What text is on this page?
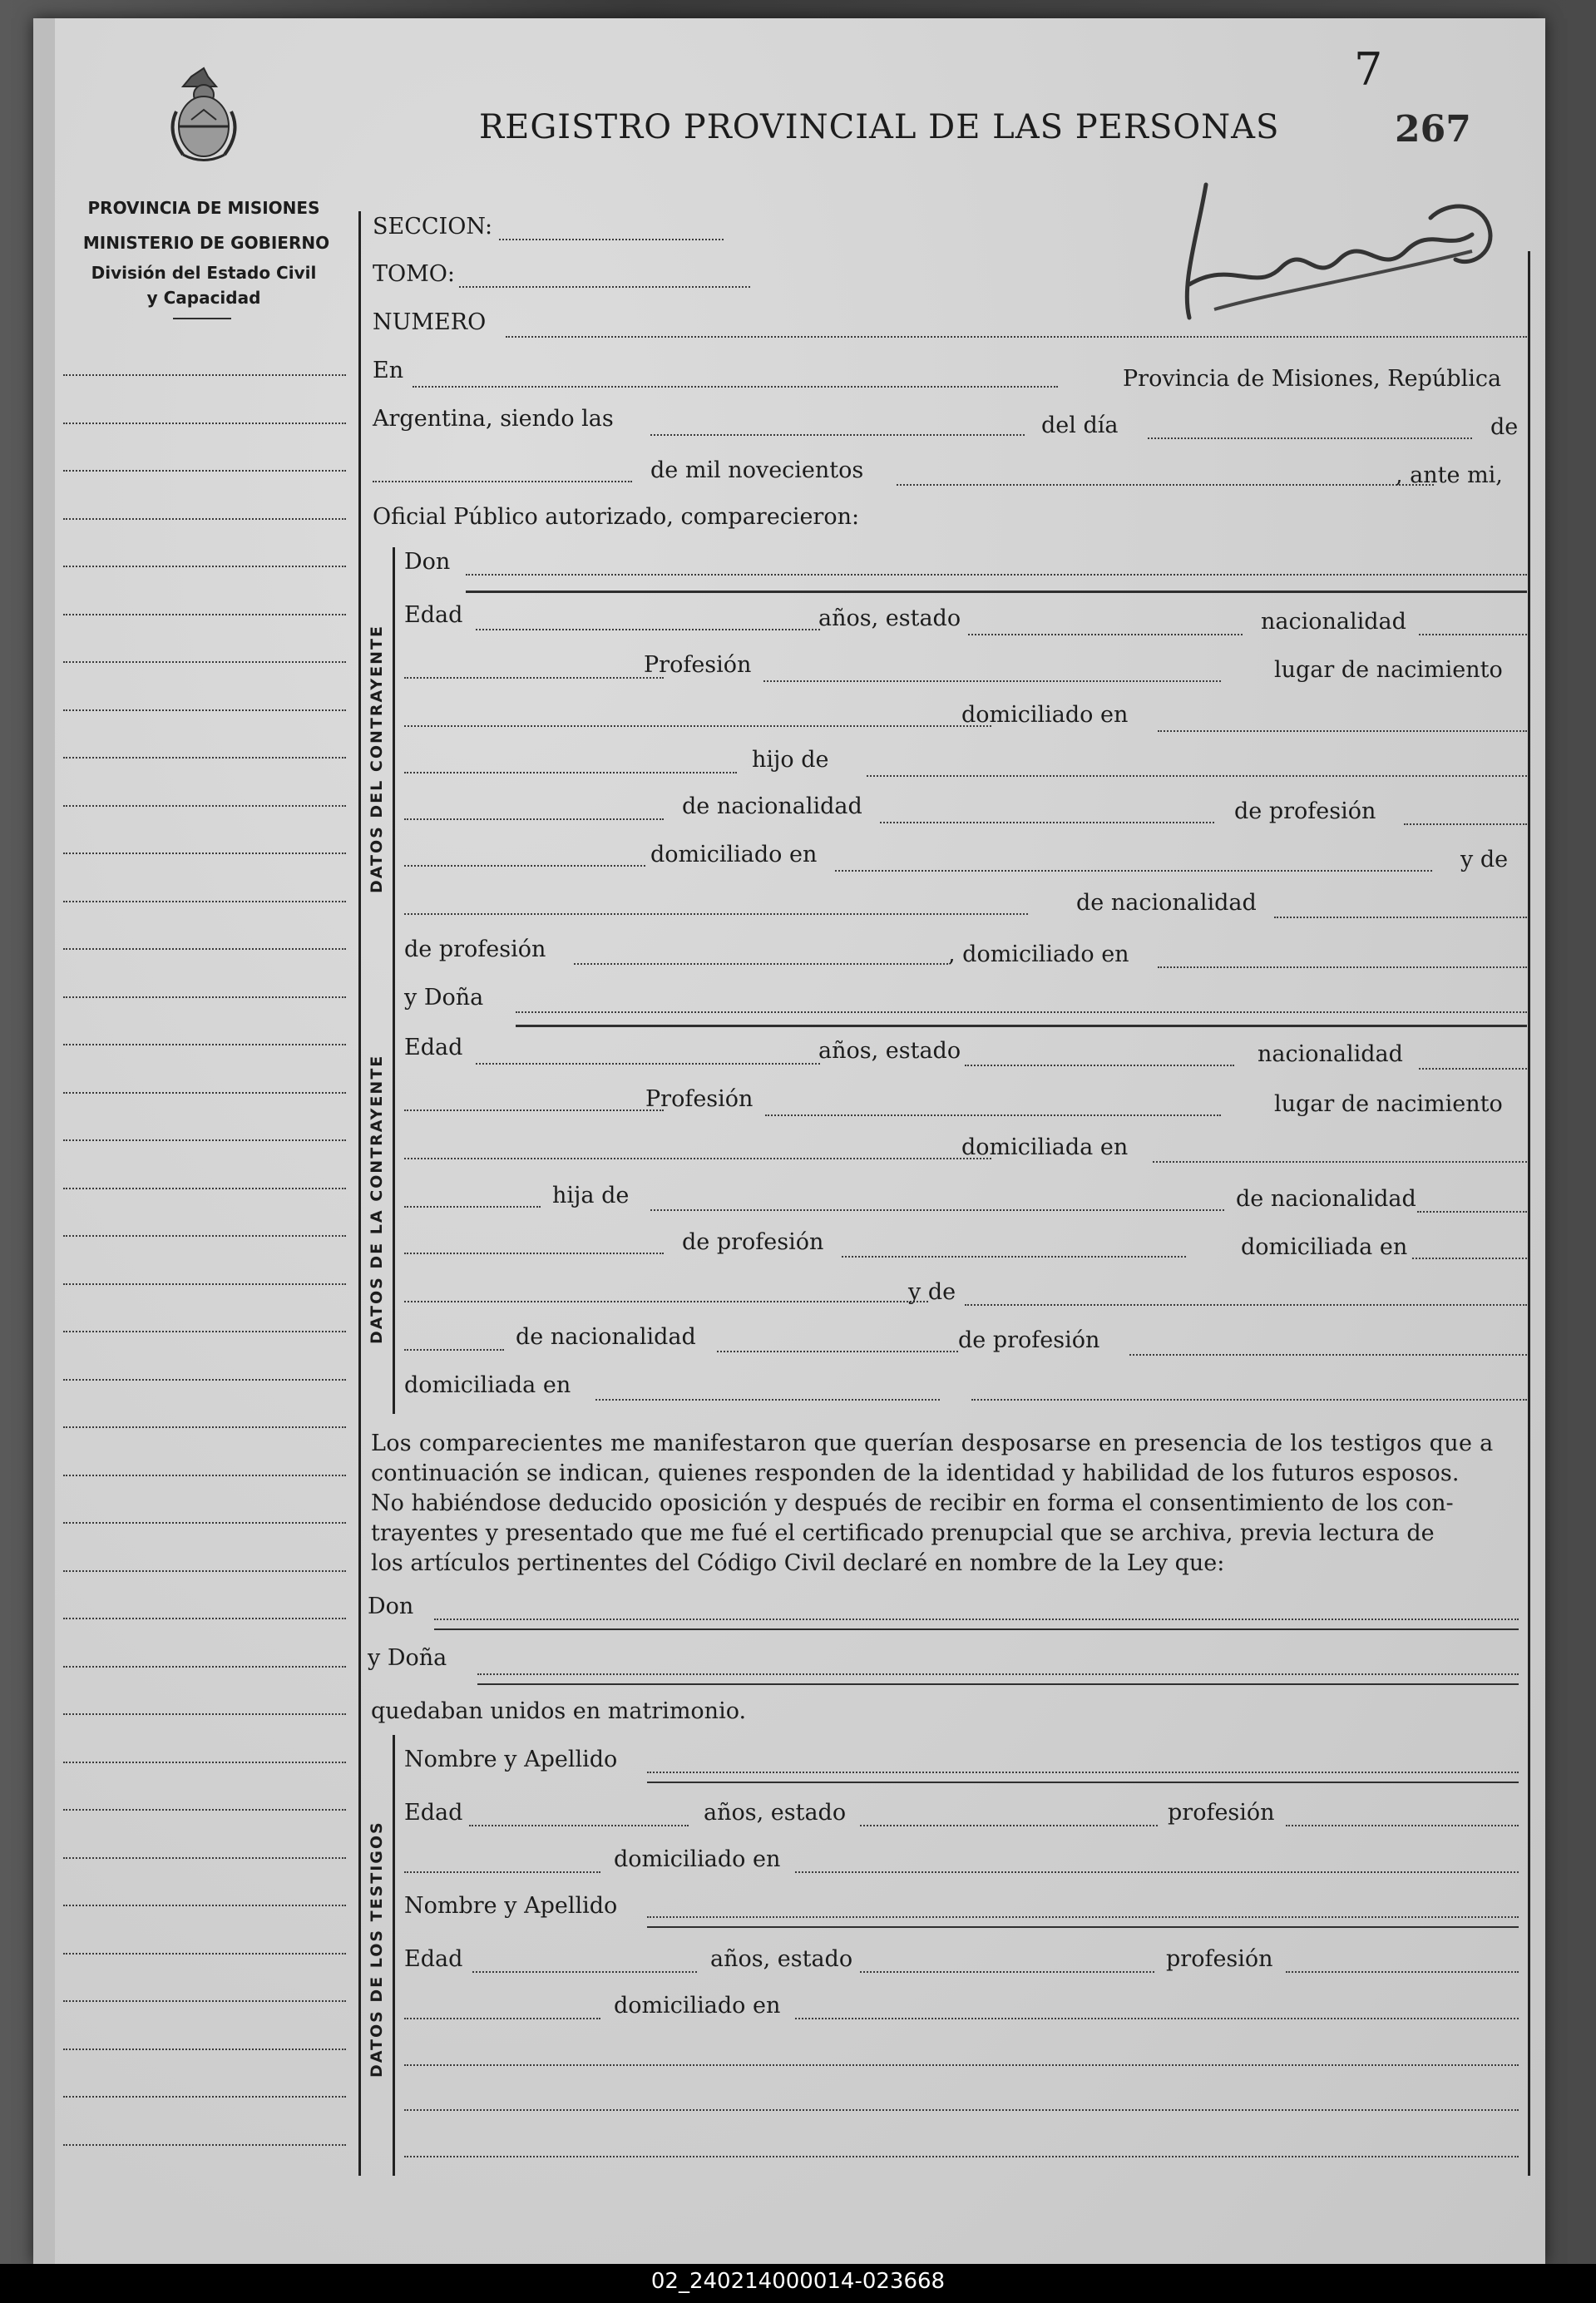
PROVINCIA DE MISIONES
MINISTERIO DE GOBIERNO
División del Estado Civil
y Capacidad
REGISTRO PROVINCIAL DE LAS PERSONAS
7
267
DATOS DEL CONTRAYENTE
DATOS DE LA CONTRAYENTE
DATOS DE LOS TESTIGOS
SECCION:
TOMO:
NUMERO
En	Provincia de Misiones, República
Argentina, siendo las	del día	de
de mil novecientos	, ante mi,
Oficial Público autorizado, comparecieron:
Don
Edad	años, estado	nacionalidad
Profesión	lugar de nacimiento
domiciliado en
hijo de
de nacionalidad	de profesión
domiciliado en	y de
de nacionalidad
de profesión	, domiciliado en
y Doña
Edad	años, estado	nacionalidad
Profesión	lugar de nacimiento
domiciliada en
hija de	de nacionalidad
de profesión	domiciliada en
y de
de nacionalidad	de profesión
domiciliada en
Los comparecientes me manifestaron que querían desposarse en presencia de los testigos que a
continuación se indican, quienes responden de la identidad y habilidad de los futuros esposos.
No habiéndose deducido oposición y después de recibir en forma el consentimiento de los con-
trayentes y presentado que me fué el certificado prenupcial que se archiva, previa lectura de
los artículos pertinentes del Código Civil declaré en nombre de la Ley que:
Don
y Doña
quedaban unidos en matrimonio.
Nombre y Apellido
Edad	años, estado	profesión
domiciliado en
Nombre y Apellido
Edad	años, estado	profesión
domiciliado en
02_240214000014-023668
